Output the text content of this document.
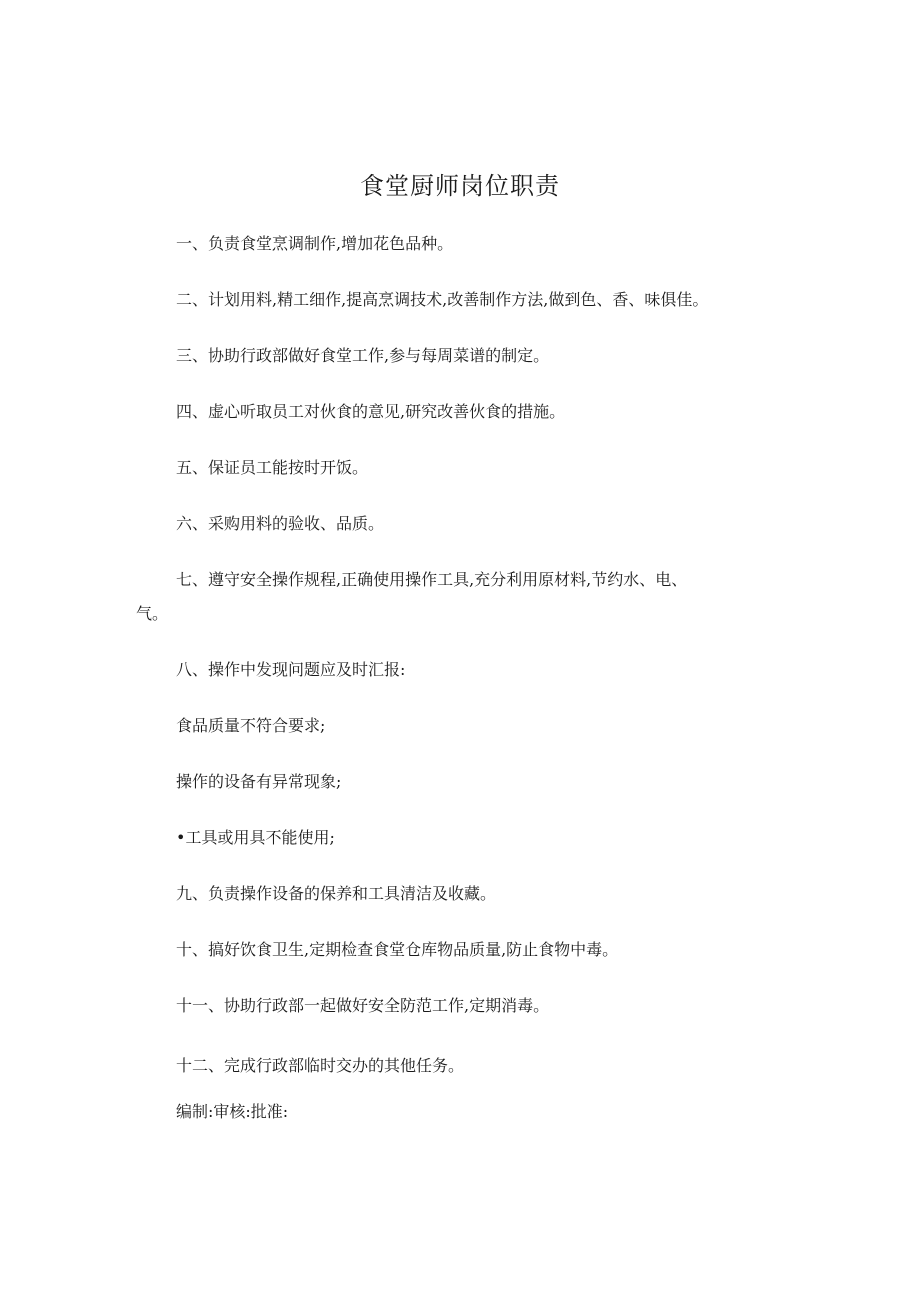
食堂厨师岗位职责
一、负责食堂烹调制作,增加花色品种。
二、计划用料,精工细作,提高烹调技术,改善制作方法,做到色、香、味俱佳。
三、协助行政部做好食堂工作,参与每周菜谱的制定。
四、虚心听取员工对伙食的意见,研究改善伙食的措施。
五、保证员工能按时开饭。
六、采购用料的验收、品质。
七、遵守安全操作规程,正确使用操作工具,充分利用原材料,节约水、电、
气。
八、操作中发现问题应及时汇报:
食品质量不符合要求;
操作的设备有异常现象;
•工具或用具不能使用;
九、负责操作设备的保养和工具清洁及收藏。
十、搞好饮食卫生,定期检查食堂仓库物品质量,防止食物中毒。
十一、协助行政部一起做好安全防范工作,定期消毒。
十二、完成行政部临时交办的其他任务。
编制:审核:批准:
